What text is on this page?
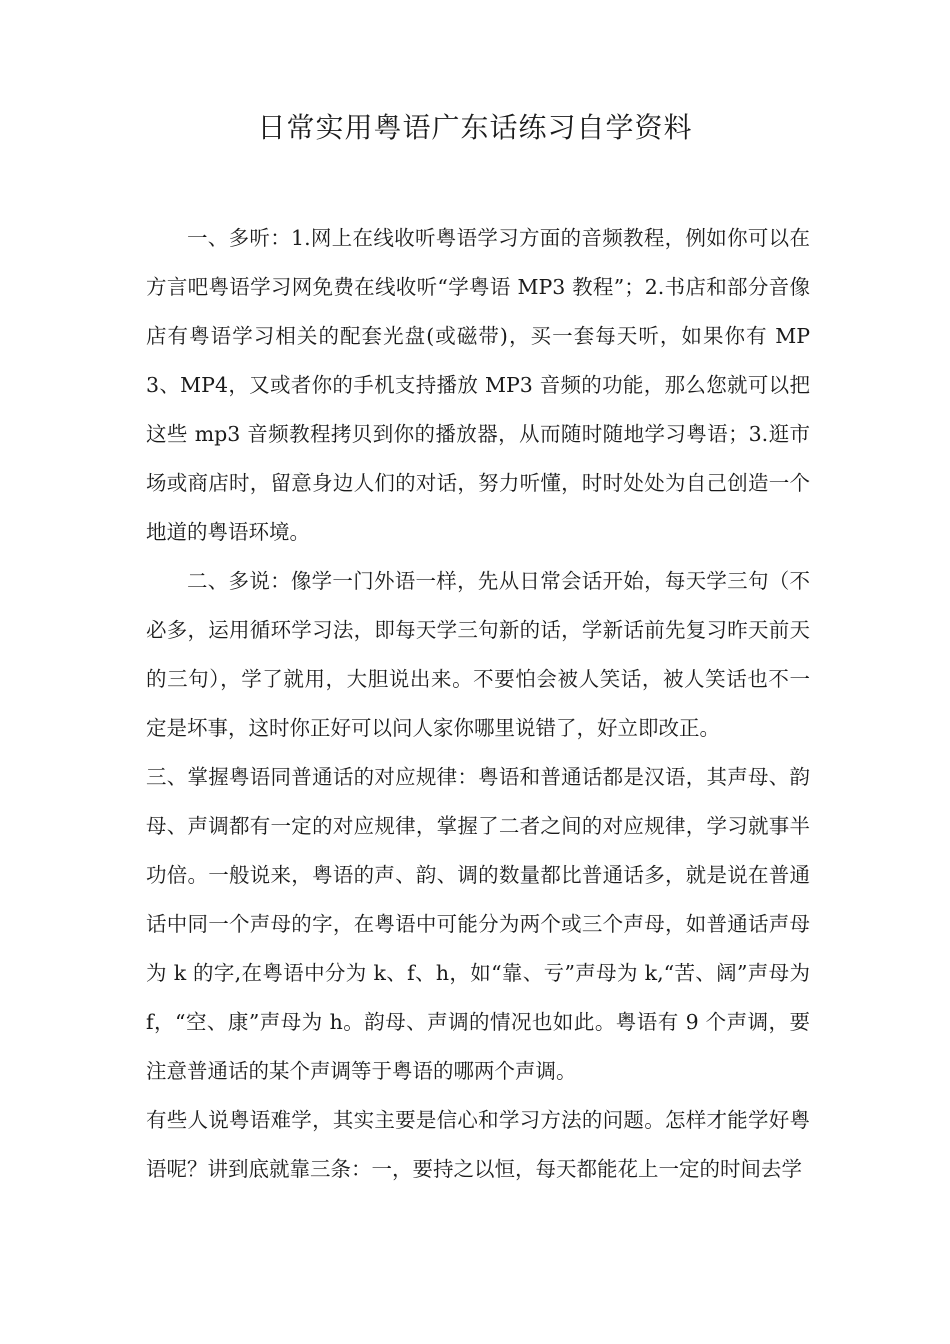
日常实用粤语广东话练习自学资料

一、多听：1.网上在线收听粤语学习方面的音频教程，例如你可以在方言吧粤语学习网免费在线收听“学粤语 MP3 教程”；2.书店和部分音像店有粤语学习相关的配套光盘(或磁带)，买一套每天听，如果你有 MP3、MP4，又或者你的手机支持播放 MP3 音频的功能，那么您就可以把这些 mp3 音频教程拷贝到你的播放器，从而随时随地学习粤语；3.逛市场或商店时，留意身边人们的对话，努力听懂，时时处处为自己创造一个地道的粤语环境。

二、多说：像学一门外语一样，先从日常会话开始，每天学三句（不必多，运用循环学习法，即每天学三句新的话，学新话前先复习昨天前天的三句），学了就用，大胆说出来。不要怕会被人笑话，被人笑话也不一定是坏事，这时你正好可以问人家你哪里说错了，好立即改正。

三、掌握粤语同普通话的对应规律：粤语和普通话都是汉语，其声母、韵母、声调都有一定的对应规律，掌握了二者之间的对应规律，学习就事半功倍。一般说来，粤语的声、韵、调的数量都比普通话多，就是说在普通话中同一个声母的字，在粤语中可能分为两个或三个声母，如普通话声母为 k 的字,在粤语中分为 k、f、h，如“靠、亏”声母为 k,“苦、阔”声母为 f，“空、康”声母为 h。韵母、声调的情况也如此。粤语有 9 个声调，要注意普通话的某个声调等于粤语的哪两个声调。

有些人说粤语难学，其实主要是信心和学习方法的问题。怎样才能学好粤语呢？讲到底就靠三条：一，要持之以恒，每天都能花上一定的时间去学
